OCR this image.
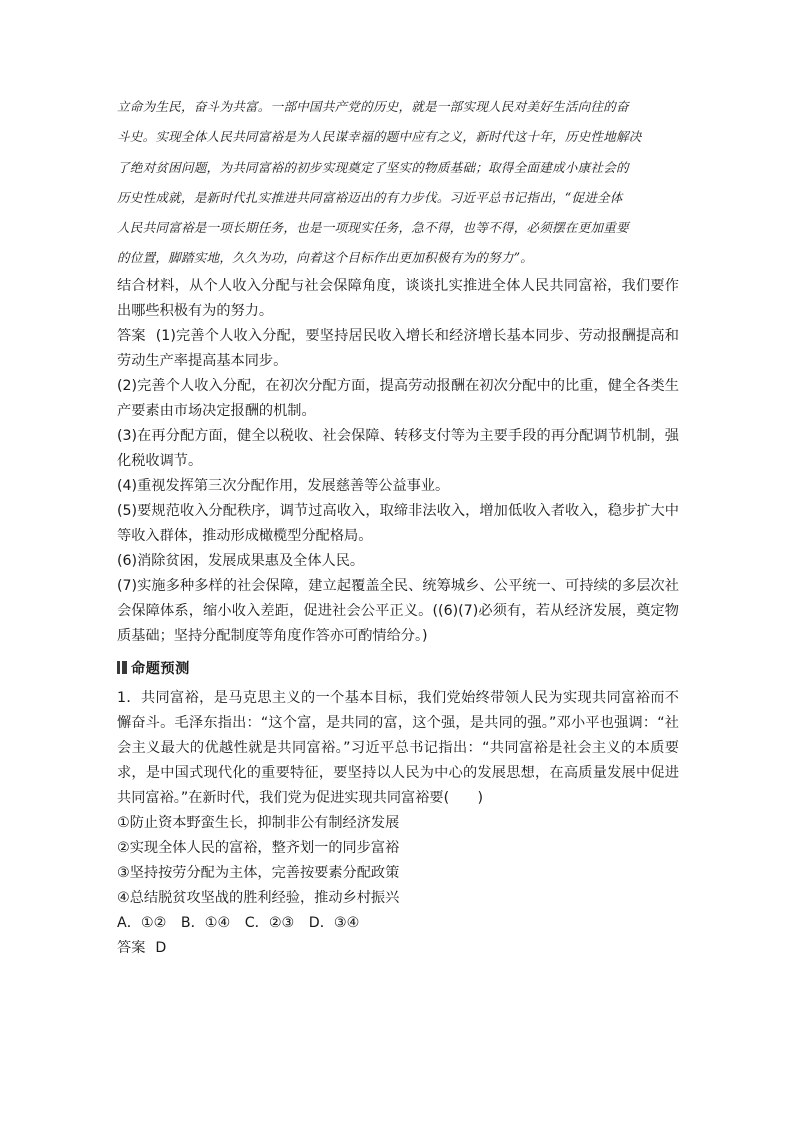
立命为生民，奋斗为共富。一部中国共产党的历史，就是一部实现人民对美好生活向往的奋

斗史。实现全体人民共同富裕是为人民谋幸福的题中应有之义，新时代这十年，历史性地解决

了绝对贫困问题，为共同富裕的初步实现奠定了坚实的物质基础；取得全面建成小康社会的

历史性成就，是新时代扎实推进共同富裕迈出的有力步伐。习近平总书记指出，“促进全体

人民共同富裕是一项长期任务，也是一项现实任务，急不得，也等不得，必须摆在更加重要

的位置，脚踏实地，久久为功，向着这个目标作出更加积极有为的努力”。

结合材料，从个人收入分配与社会保障角度，谈谈扎实推进全体人民共同富裕，我们要作出哪些积极有为的努力。

答案 (1)完善个人收入分配，要坚持居民收入增长和经济增长基本同步、劳动报酬提高和劳动生产率提高基本同步。

(2)完善个人收入分配，在初次分配方面，提高劳动报酬在初次分配中的比重，健全各类生产要素由市场决定报酬的机制。

(3)在再分配方面，健全以税收、社会保障、转移支付等为主要手段的再分配调节机制，强化税收调节。

(4)重视发挥第三次分配作用，发展慈善等公益事业。

(5)要规范收入分配秩序，调节过高收入，取缔非法收入，增加低收入者收入，稳步扩大中等收入群体，推动形成橄榄型分配格局。

(6)消除贫困，发展成果惠及全体人民。

(7)实施多种多样的社会保障，建立起覆盖全民、统筹城乡、公平统一、可持续的多层次社会保障体系，缩小收入差距，促进社会公平正义。((6)(7)必须有，若从经济发展，奠定物质基础；坚持分配制度等角度作答亦可酌情给分。)

命题预测

1．共同富裕，是马克思主义的一个基本目标，我们党始终带领人民为实现共同富裕而不懈奋斗。毛泽东指出：“这个富，是共同的富，这个强，是共同的强。”邓小平也强调：“社会主义最大的优越性就是共同富裕。”习近平总书记指出：“共同富裕是社会主义的本质要求，是中国式现代化的重要特征，要坚持以人民为中心的发展思想，在高质量发展中促进共同富裕。”在新时代，我们党为促进实现共同富裕要(　　)

①防止资本野蛮生长，抑制非公有制经济发展

②实现全体人民的富裕，整齐划一的同步富裕

③坚持按劳分配为主体，完善按要素分配政策

④总结脱贫攻坚战的胜利经验，推动乡村振兴

A．①② B．①④ C．②③ D．③④

答案 D
